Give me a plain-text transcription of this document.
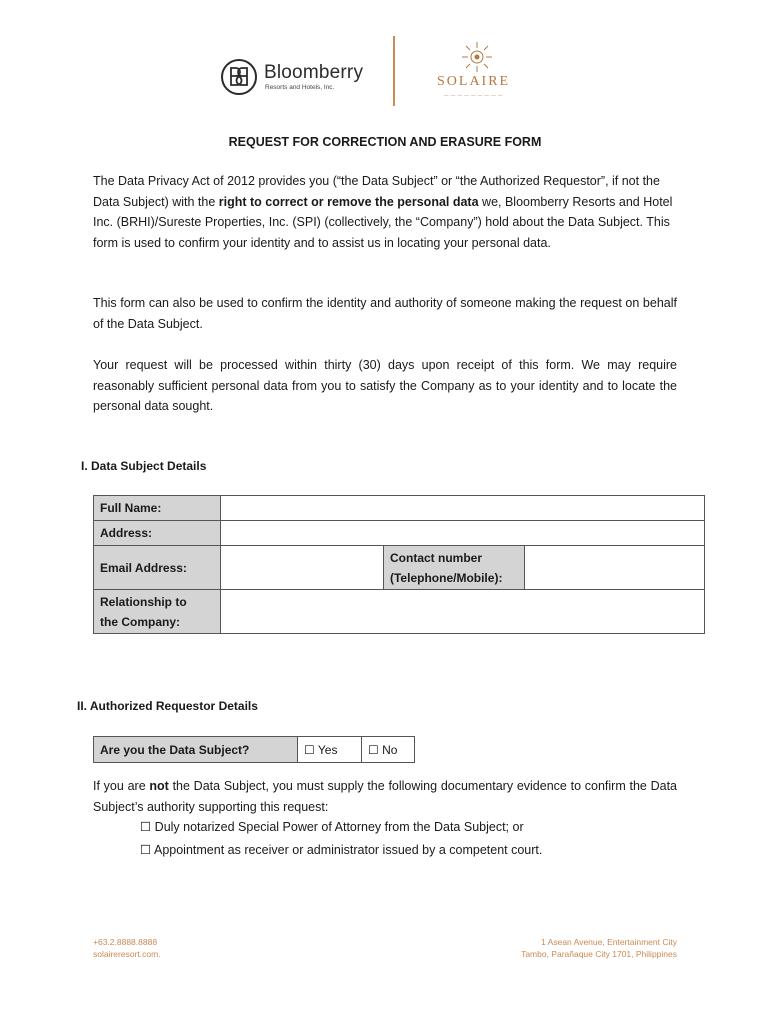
Bloomberry
Resorts and Hotels, Inc.	SOLAIRE
— — — — — — — — —
REQUEST FOR CORRECTION AND ERASURE FORM

The Data Privacy Act of 2012 provides you (“the Data Subject” or “the Authorized Requestor”, if not the Data Subject) with the right to correct or remove the personal data we, Bloomberry Resorts and Hotel Inc. (BRHI)/Sureste Properties, Inc. (SPI) (collectively, the “Company”) hold about the Data Subject. This form is used to confirm your identity and to assist us in locating your personal data.

This form can also be used to confirm the identity and authority of someone making the request on behalf of the Data Subject.

Your request will be processed within thirty (30) days upon receipt of this form. We may require reasonably sufficient personal data from you to satisfy the Company as to your identity and to locate the personal data sought.

I. Data Subject Details
Full Name:			
Address:			
Email Address:		Contact number
(Telephone/Mobile):	

Relationship to
the Company:			

II. Authorized Requestor Details
Are you the Data Subject?	☐ Yes	☐ No

If you are not the Data Subject, you must supply the following documentary evidence to confirm the Data Subject’s authority supporting this request:

☐ Duly notarized Special Power of Attorney from the Data Subject; or
☐ Appointment as receiver or administrator issued by a competent court.
+63.2.8888.8888
solaireresort.com.
1 Asean Avenue, Entertainment City
Tambo, Parañaque City 1701, Philippines
